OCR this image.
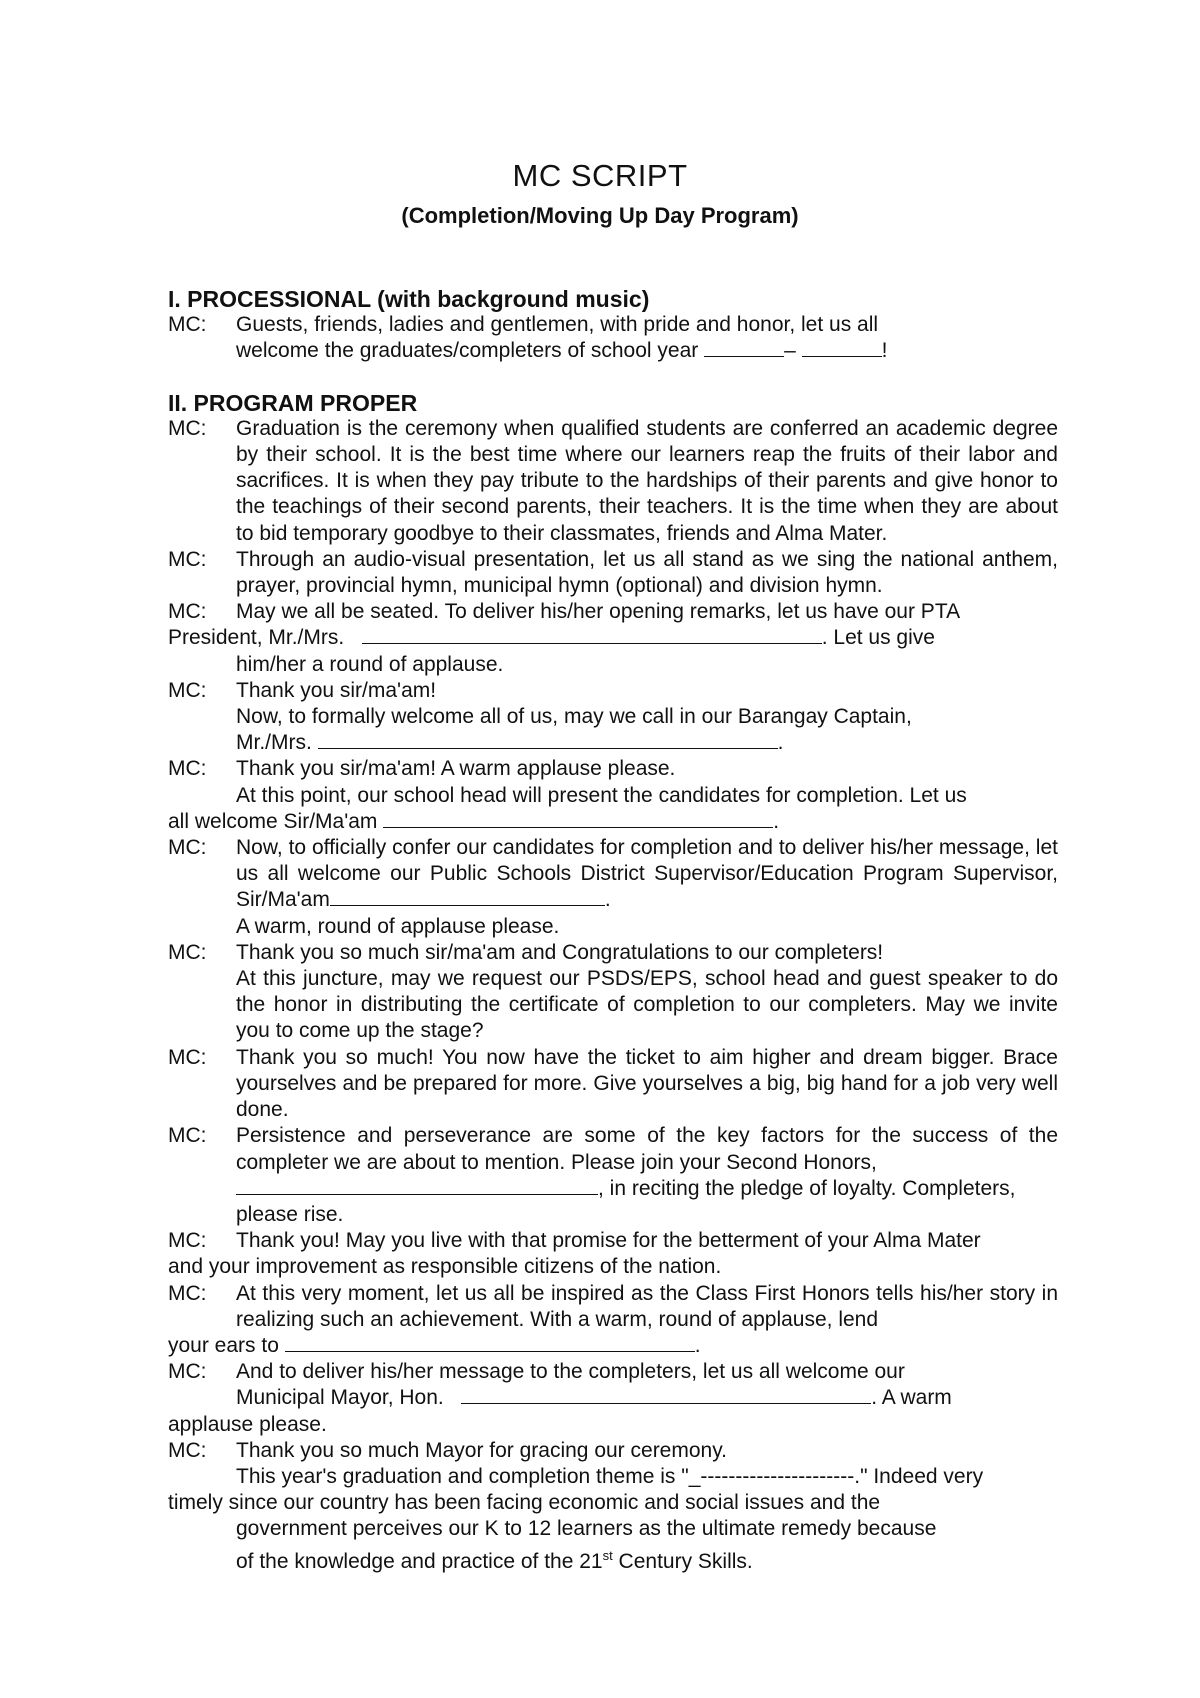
MC SCRIPT
(Completion/Moving Up Day Program)

I. PROCESSIONAL (with background music)

MC:	Guests, friends, ladies and gentlemen, with pride and honor, let us all

welcome the graduates/completers of school year	–	!

II. PROGRAM PROPER

MC:	Graduation is the ceremony when qualified students are conferred an academic degree by their school. It is the best time where our learners reap the fruits of their labor and sacrifices. It is when they pay tribute to the hardships of their parents and give honor to the teachings of their second parents, their teachers. It is the time when they are about to bid temporary goodbye to their classmates, friends and Alma Mater.
MC:	Through an audio-visual presentation, let us all stand as we sing the national anthem, prayer, provincial hymn, municipal hymn (optional) and division hymn.
MC:	May we all be seated. To deliver his/her opening remarks, let us have our PTA

President, Mr./Mrs.	. Let us give

him/her a round of applause.

MC:	Thank you sir/ma'am!

Now, to formally welcome all of us, may we call in our Barangay Captain,

Mr./Mrs.	.

MC:	Thank you sir/ma'am! A warm applause please.

At this point, our school head will present the candidates for completion. Let us

all welcome Sir/Ma'am	.

MC:	Now, to officially confer our candidates for completion and to deliver his/her message, let us all welcome our Public Schools District Supervisor/Education Program Supervisor, Sir/Ma'am	.

A warm, round of applause please.

MC:	Thank you so much sir/ma'am and Congratulations to our completers!

At this juncture, may we request our PSDS/EPS, school head and guest speaker to do the honor in distributing the certificate of completion to our completers. May we invite you to come up the stage?

MC:	Thank you so much! You now have the ticket to aim higher and dream bigger. Brace yourselves and be prepared for more. Give yourselves a big, big hand for a job very well done.
MC:	Persistence and perseverance are some of the key factors for the success of the completer we are about to mention. Please join your Second Honors,

, in reciting the pledge of loyalty. Completers,

please rise.

MC:	Thank you! May you live with that promise for the betterment of your Alma Mater

and your improvement as responsible citizens of the nation.

MC:	At this very moment, let us all be inspired as the Class First Honors tells his/her story in realizing such an achievement. With a warm, round of applause, lend

your ears to	.

MC:	And to deliver his/her message to the completers, let us all welcome our

Municipal Mayor, Hon.	. A warm

applause please.

MC:	Thank you so much Mayor for gracing our ceremony.

This year's graduation and completion theme is "_----------------------." Indeed very

timely since our country has been facing economic and social issues and the

government perceives our K to 12 learners as the ultimate remedy because

of the knowledge and practice of the 21st Century Skills.
